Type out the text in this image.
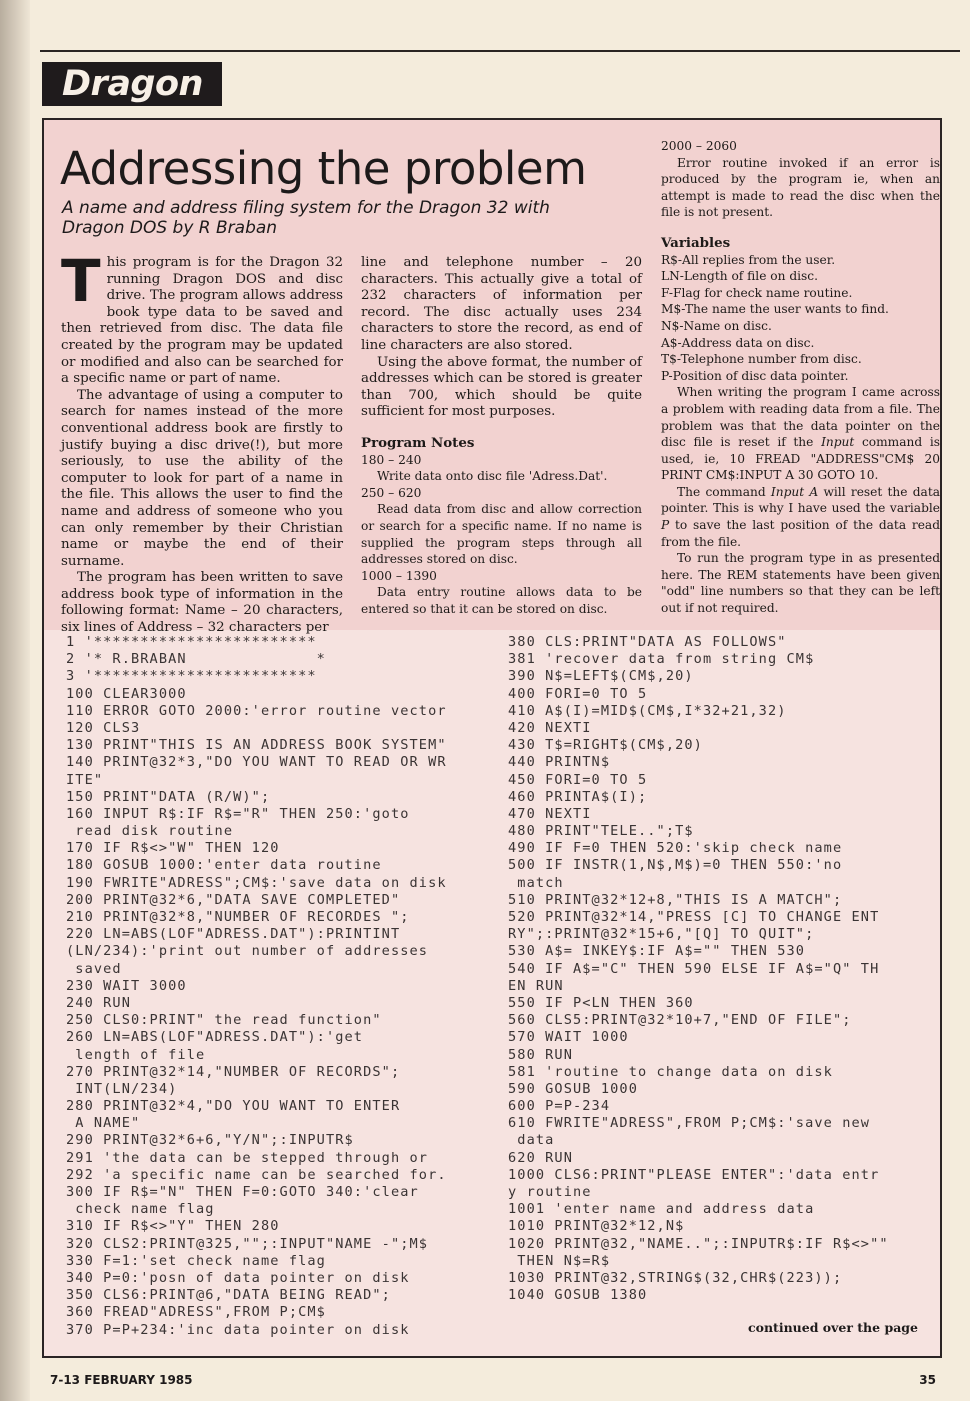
Dragon
Addressing the problem
A name and address filing system for the Dragon 32 with Dragon DOS by R Braban

This program is for the Dragon 32 running Dragon DOS and disc drive. The program allows address book type data to be saved and then retrieved from disc. The data file created by the program may be updated or modified and also can be searched for a specific name or part of name.

The advantage of using a computer to search for names instead of the more conventional address book are firstly to justify buying a disc drive(!), but more seriously, to use the ability of the computer to look for part of a name in the file. This allows the user to find the name and address of someone who you can only remember by their Christian name or maybe the end of their surname.

The program has been written to save address book type of information in the following format: Name – 20 characters, six lines of Address – 32 characters per

line and telephone number – 20 characters. This actually give a total of 232 characters of information per record. The disc actually uses 234 characters to store the record, as end of line characters are also stored.

Using the above format, the number of addresses which can be stored is greater than 700, which should be quite sufficient for most purposes.

Program Notes

180 – 240

Write data onto disc file 'Adress.Dat'.

250 – 620

Read data from disc and allow correction or search for a specific name. If no name is supplied the program steps through all addresses stored on disc.

1000 – 1390

Data entry routine allows data to be entered so that it can be stored on disc.

2000 – 2060

Error routine invoked if an error is produced by the program ie, when an attempt is made to read the disc when the file is not present.

Variables

R$-All replies from the user.

LN-Length of file on disc.

F-Flag for check name routine.

M$-The name the user wants to find.

N$-Name on disc.

A$-Address data on disc.

T$-Telephone number from disc.

P-Position of disc data pointer.

When writing the program I came across a problem with reading data from a file. The problem was that the data pointer on the disc file is reset if the Input command is used, ie, 10 FREAD "ADDRESS"CM$ 20 PRINT CM$:INPUT A 30 GOTO 10.

The command Input A will reset the data pointer. This is why I have used the variable P to save the last position of the data read from the file.

To run the program type in as presented here. The REM statements have been given "odd" line numbers so that they can be left out if not required.

1 '************************
2 '* R.BRABAN              *
3 '************************
100 CLEAR3000
110 ERROR GOTO 2000:'error routine vector
120 CLS3
130 PRINT"THIS IS AN ADDRESS BOOK SYSTEM"
140 PRINT@32*3,"DO YOU WANT TO READ OR WR
ITE"
150 PRINT"DATA (R/W)";
160 INPUT R$:IF R$="R" THEN 250:'goto
read disk routine
170 IF R$<>"W" THEN 120
180 GOSUB 1000:'enter data routine
190 FWRITE"ADRESS";CM$:'save data on disk
200 PRINT@32*6,"DATA SAVE COMPLETED"
210 PRINT@32*8,"NUMBER OF RECORDES ";
220 LN=ABS(LOF"ADRESS.DAT"):PRINTINT
(LN/234):'print out number of addresses
saved
230 WAIT 3000
240 RUN
250 CLS0:PRINT" the read function"
260 LN=ABS(LOF"ADRESS.DAT"):'get
length of file
270 PRINT@32*14,"NUMBER OF RECORDS";
INT(LN/234)
280 PRINT@32*4,"DO YOU WANT TO ENTER
A NAME"
290 PRINT@32*6+6,"Y/N";:INPUTR$
291 'the data can be stepped through or
292 'a specific name can be searched for.
300 IF R$="N" THEN F=0:GOTO 340:'clear
check name flag
310 IF R$<>"Y" THEN 280
320 CLS2:PRINT@325,"";:INPUT"NAME -";M$
330 F=1:'set check name flag
340 P=0:'posn of data pointer on disk
350 CLS6:PRINT@6,"DATA BEING READ";
360 FREAD"ADRESS",FROM P;CM$
370 P=P+234:'inc data pointer on disk
380 CLS:PRINT"DATA AS FOLLOWS"
381 'recover data from string CM$
390 N$=LEFT$(CM$,20)
400 FORI=0 TO 5
410 A$(I)=MID$(CM$,I*32+21,32)
420 NEXTI
430 T$=RIGHT$(CM$,20)
440 PRINTN$
450 FORI=0 TO 5
460 PRINTA$(I);
470 NEXTI
480 PRINT"TELE..";T$
490 IF F=0 THEN 520:'skip check name
500 IF INSTR(1,N$,M$)=0 THEN 550:'no
match
510 PRINT@32*12+8,"THIS IS A MATCH";
520 PRINT@32*14,"PRESS [C] TO CHANGE ENT
RY";:PRINT@32*15+6,"[Q] TO QUIT";
530 A$= INKEY$:IF A$="" THEN 530
540 IF A$="C" THEN 590 ELSE IF A$="Q" TH
EN RUN
550 IF P<LN THEN 360
560 CLS5:PRINT@32*10+7,"END OF FILE";
570 WAIT 1000
580 RUN
581 'routine to change data on disk
590 GOSUB 1000
600 P=P-234
610 FWRITE"ADRESS",FROM P;CM$:'save new
data
620 RUN
1000 CLS6:PRINT"PLEASE ENTER":'data entr
y routine
1001 'enter name and address data
1010 PRINT@32*12,N$
1020 PRINT@32,"NAME..";:INPUTR$:IF R$<>""
THEN N$=R$
1030 PRINT@32,STRING$(32,CHR$(223));
1040 GOSUB 1380
continued over the page
7-13 FEBRUARY 1985	35
